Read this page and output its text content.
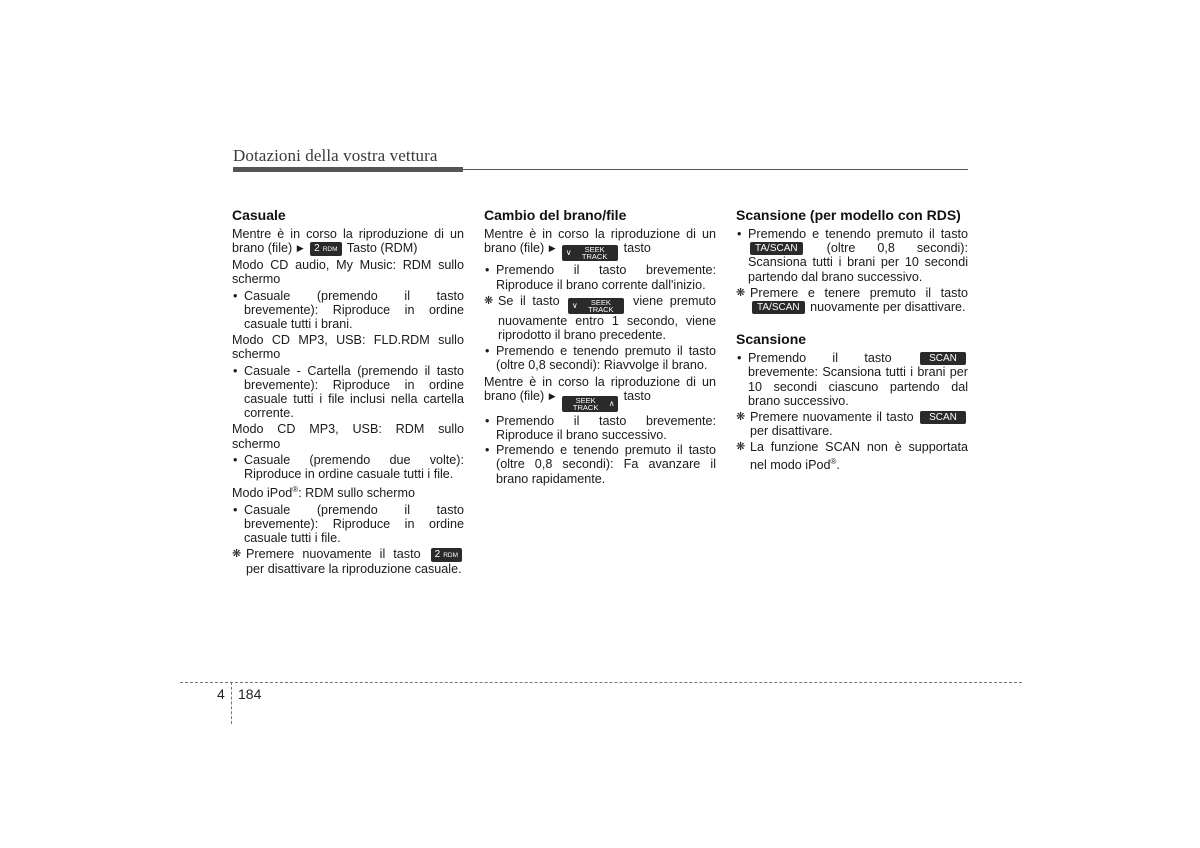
Dotazioni della vostra vettura
Casuale

Mentre è in corso la riproduzione di un brano (file) ▶ 2 RDM Tasto (RDM)

Modo CD audio, My Music: RDM sullo schermo

• Casuale (premendo il tasto brevemente): Riproduce in ordine casuale tutti i brani.

Modo CD MP3, USB: FLD.RDM sullo schermo

• Casuale - Cartella (premendo il tasto brevemente): Riproduce in ordine casuale tutti i file inclusi nella cartella corrente.

Modo CD MP3, USB: RDM sullo schermo

• Casuale (premendo due volte): Riproduce in ordine casuale tutti i file.

Modo iPod®: RDM sullo schermo

• Casuale (premendo il tasto brevemente): Riproduce in ordine casuale tutti i file.
❋ Premere nuovamente il tasto 2 RDM per disattivare la riproduzione casuale.
Cambio del brano/file

Mentre è in corso la riproduzione di un brano (file) ▶ ∨	SEEK
TRACK
tasto

• Premendo il tasto brevemente: Riproduce il brano corrente dall'inizio.
❋ Se il tasto ∨	SEEK
TRACK
viene premuto nuovamente entro 1 secondo, viene riprodotto il brano precedente.
• Premendo e tenendo premuto il tasto (oltre 0,8 secondi): Riavvolge il brano.

Mentre è in corso la riproduzione di un brano (file) ▶	SEEK
TRACK	∧
tasto

• Premendo il tasto brevemente: Riproduce il brano successivo.
• Premendo e tenendo premuto il tasto (oltre 0,8 secondi): Fa avanzare il brano rapidamente.
Scansione (per modello con RDS)
• Premendo e tenendo premuto il tasto TA/SCAN (oltre 0,8 secondi): Scansiona tutti i brani per 10 secondi partendo dal brano successivo.
❋ Premere e tenere premuto il tasto TA/SCAN nuovamente per disattivare.
Scansione
• Premendo il tasto	SCAN brevemente: Scansiona tutti i brani per 10 secondi ciascuno partendo dal brano successivo.
❋ Premere nuovamente il tasto SCAN per disattivare.
❋ La funzione SCAN non è supportata nel modo iPod®.
4 184
